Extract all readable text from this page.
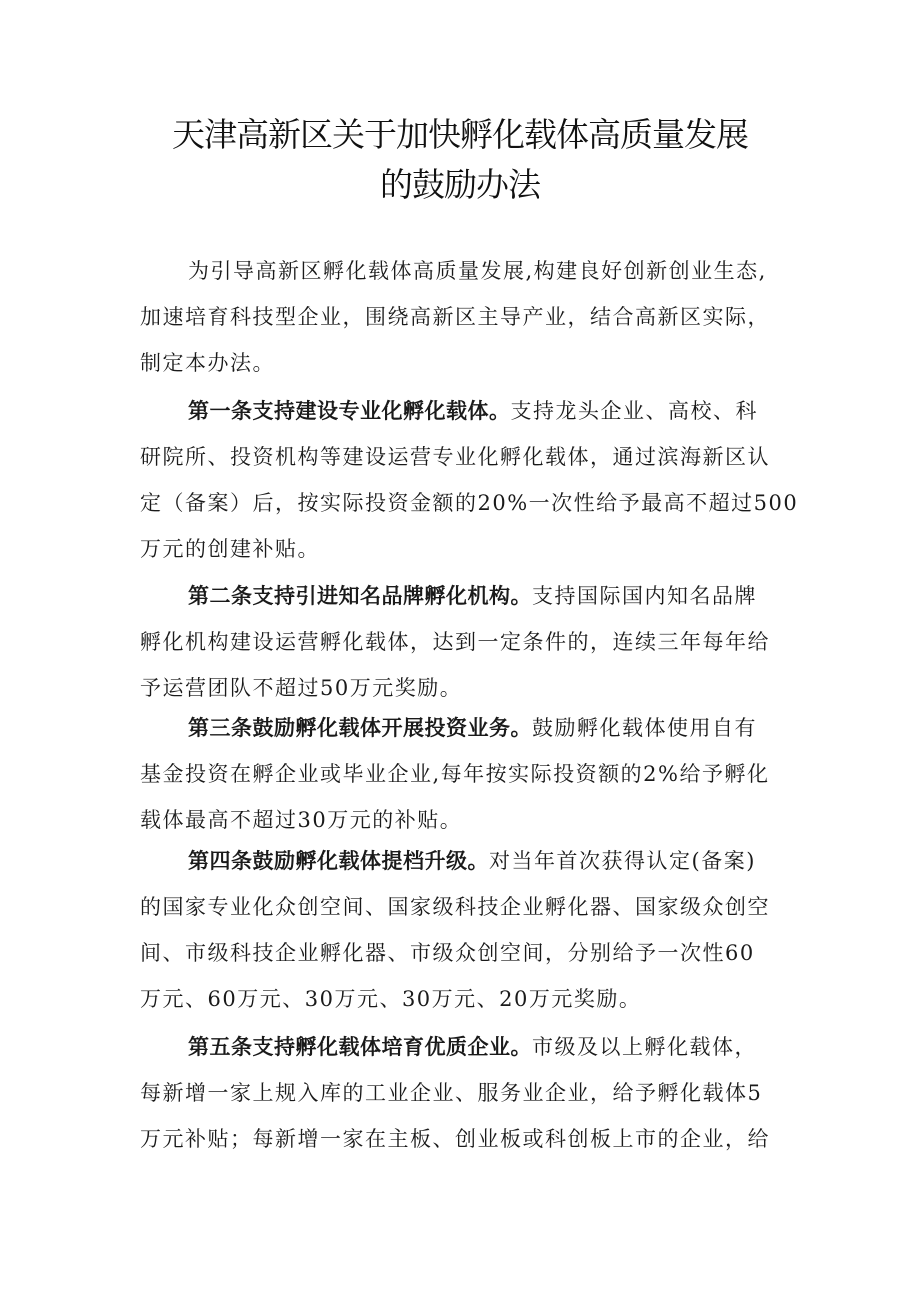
天津高新区关于加快孵化载体高质量发展
的鼓励办法
为引导高新区孵化载体高质量发展,构建良好创新创业生态,
加速培育科技型企业，围绕高新区主导产业，结合高新区实际，
制定本办法。
第一条支持建设专业化孵化载体。支持龙头企业、高校、科
研院所、投资机构等建设运营专业化孵化载体，通过滨海新区认
定（备案）后，按实际投资金额的20%一次性给予最高不超过500
万元的创建补贴。
第二条支持引进知名品牌孵化机构。支持国际国内知名品牌
孵化机构建设运营孵化载体，达到一定条件的，连续三年每年给
予运营团队不超过50万元奖励。
第三条鼓励孵化载体开展投资业务。鼓励孵化载体使用自有
基金投资在孵企业或毕业企业,每年按实际投资额的2%给予孵化
载体最高不超过30万元的补贴。
第四条鼓励孵化载体提档升级。对当年首次获得认定(备案)
的国家专业化众创空间、国家级科技企业孵化器、国家级众创空
间、市级科技企业孵化器、市级众创空间，分别给予一次性60
万元、60万元、30万元、30万元、20万元奖励。
第五条支持孵化载体培育优质企业。市级及以上孵化载体，
每新增一家上规入库的工业企业、服务业企业，给予孵化载体5
万元补贴；每新增一家在主板、创业板或科创板上市的企业，给
